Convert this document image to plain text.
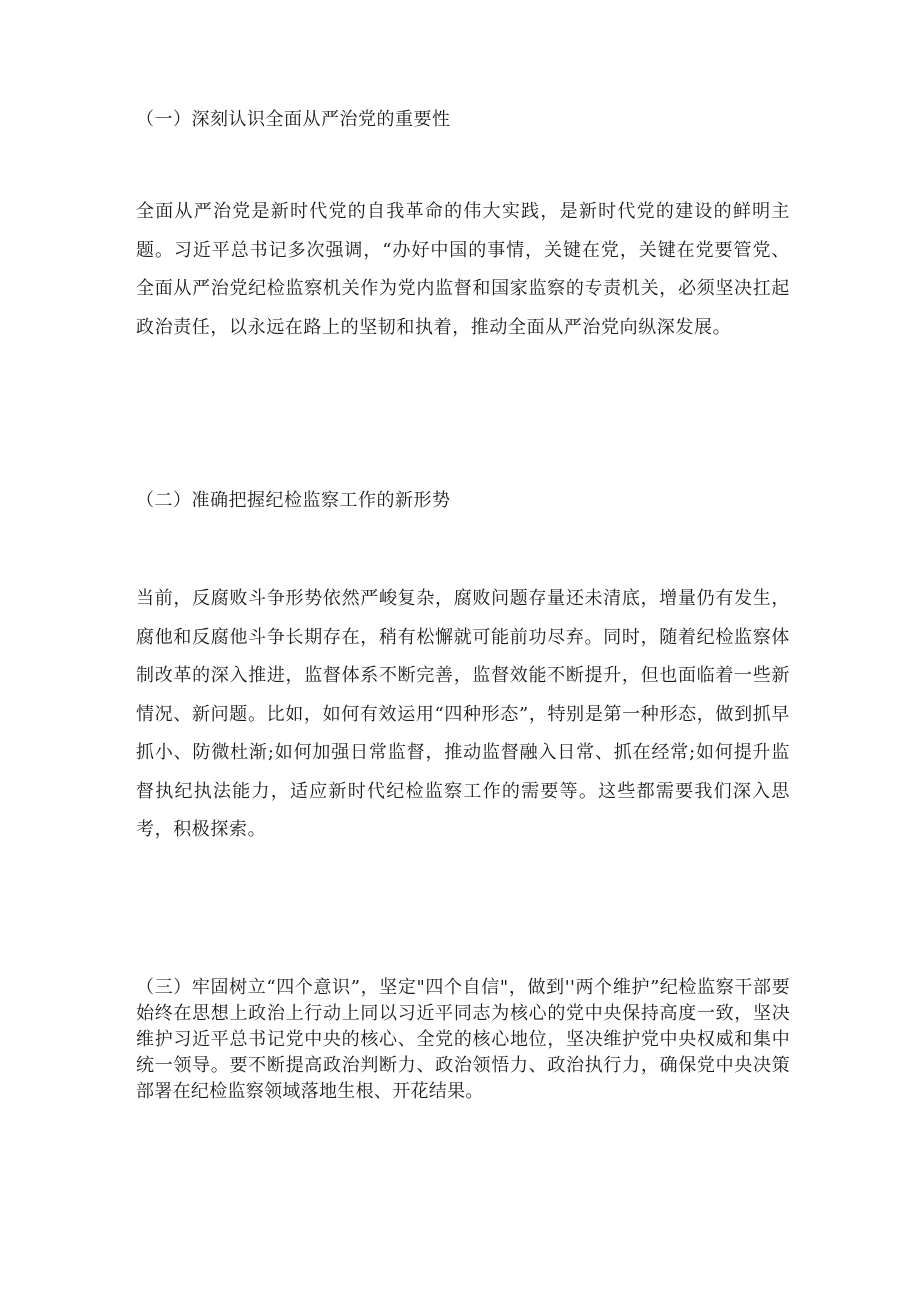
（一）深刻认识全面从严治党的重要性
全面从严治党是新时代党的自我革命的伟大实践，是新时代党的建设的鲜明主题。习近平总书记多次强调，“办好中国的事情，关键在党，关键在党要管党、全面从严治党纪检监察机关作为党内监督和国家监察的专责机关，必须坚决扛起政治责任，以永远在路上的坚韧和执着，推动全面从严治党向纵深发展。
（二）准确把握纪检监察工作的新形势
当前，反腐败斗争形势依然严峻复杂，腐败问题存量还未清底，增量仍有发生，腐他和反腐他斗争长期存在，稍有松懈就可能前功尽弃。同时，随着纪检监察体制改革的深入推进，监督体系不断完善，监督效能不断提升，但也面临着一些新情况、新问题。比如，如何有效运用“四种形态”，特别是第一种形态，做到抓早抓小、防微杜渐;如何加强日常监督，推动监督融入日常、抓在经常;如何提升监督执纪执法能力，适应新时代纪检监察工作的需要等。这些都需要我们深入思考，积极探索。
（三）牢固树立“四个意识”，坚定"四个自信"，做到''两个维护”纪检监察干部要始终在思想上政治上行动上同以习近平同志为核心的党中央保持高度一致，坚决维护习近平总书记党中央的核心、全党的核心地位，坚决维护党中央权威和集中统一领导。要不断提高政治判断力、政治领悟力、政治执行力，确保党中央决策部署在纪检监察领域落地生根、开花结果。
